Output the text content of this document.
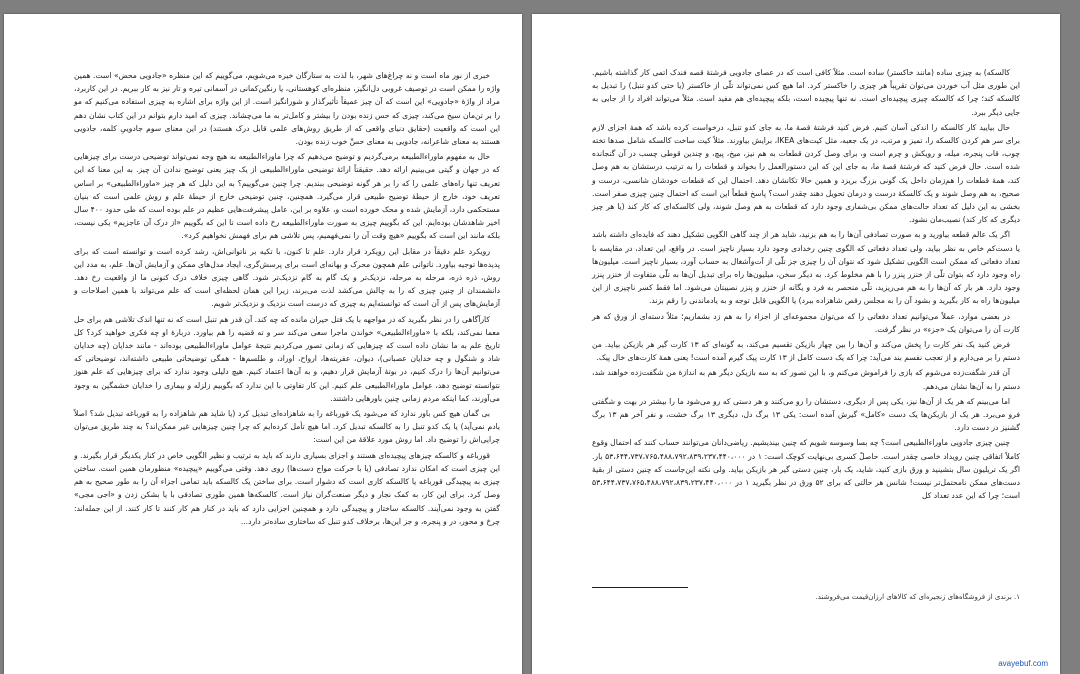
خبری از نور ماه است و نه چراغ‌های شهر، با لذت به ستارگان خیره می‌شویم، می‌گوییم که این منظره «جادویی محض» است. همین واژه را ممکن است در توصیف غروبی دل‌انگیز، منظره‌ای کوهستانی، یا رنگین‌کمانی در آسمانی تیره و تار نیز به کار ببریم. در این کاربرد، مراد از واژهٔ «جادویی» این است که آن چیز عمیقاً تأثیرگذار و شورانگیز است. از این واژه برای اشاره به چیزی استفاده می‌کنیم که مو را بر تن‌مان سیخ می‌کند، چیزی که حس زنده بودن را بیشتر و کامل‌تر به ما می‌چشاند. چیزی که امید دارم بتوانم در این کتاب نشان دهم این است که واقعیت (حقایق دنیای واقعی که از طریق روش‌های علمی قابل درک هستند) در این معنای سوم جادوییِ کلمه، جادویی هستند به معنای شاعرانه، جادویی به معنای حسِّ خوب زنده بودن.

حال به مفهوم ماوراءالطبیعه برمی‌گردیم و توضیح می‌دهیم که چرا ماوراءالطبیعه به هیچ وجه نمی‌تواند توضیحی درست برای چیزهایی که در جهان و گیتی می‌بینیم ارائه دهد. حقیقتاً ارائهٔ توضیحی ماوراءالطبیعی از یک چیز یعنی توضیح ندادن آن چیز. به این معنا که این تعریف تنها راه‌های علمی را که را بر هر گونه توضیحی ببندیم. چرا چنین می‌گوییم؟ به این دلیل که هر چیز «ماوراءالطبیعی» بر اساس تعریف خود، خارج از حیطهٔ توضیح طبیعی قرار می‌گیرد. همچنین، چنین توضیحی خارج از حیطهٔ علم و روش علمی است که بنیان مستحکمی دارد، آزمایش شده و محک خورده است و، علاوه بر این، عامل پیشرفت‌هایی عظیم در علم بوده است که طی حدود ۴۰۰ سال اخیر شاهدشان بوده‌ایم. این که بگوییم چیزی به صورت ماوراءالطبیعه رخ داده است تا این که بگوییم «از درک آن عاجزیم» یکی نیست، بلکه مانند این است که بگوییم «هیچ وقت آن را نمی‌فهمیم، پس تلاشی هم برای فهمش نخواهیم کرد».

رویکرد علم دقیقاً در مقابل این رویکرد قرار دارد. علم تا کنون، با تکیه بر ناتوانی‌اش، رشد کرده است و توانسته است که برای پدیده‌ها توجیه بیاورد. ناتوانی علم همچون محرک و بهانه‌ای است برای پرسش‌گری، ایجاد مدل‌های ممکن و آزمایش آن‌ها. علم، به مدد این روش، ذره ذره، مرحله به مرحله، نزدیک‌تر و یک گام به گام نزدیک‌تر شود. گاهی چیزی خلاف درک کنونی ما از واقعیت رخ دهد. دانشمندان از چنین چیزی که را به چالش می‌کشد لذت می‌برند، زیرا این همان لحظه‌ای است که علم می‌تواند با همین اصلاحات و آزمایش‌های پس از آن است که توانسته‌ایم به چیزی که درست است نزدیک و نزدیک‌تر شویم.

کارآگاهی را در نظر بگیرید که در مواجهه با یک قتل حیران مانده که چه کند. آن قدر هم تنبل است که نه تنها اندک تلاشی هم برای حل معما نمی‌کند، بلکه با «ماوراءالطبیعی» خواندن ماجرا سعی می‌کند سر و ته قضیه را هم بیاورد. دربارهٔ او چه فکری خواهید کرد؟ کل تاریخ علم به ما نشان داده است که چیزهایی که زمانی تصور می‌کردیم نتیجهٔ عوامل ماوراءالطبیعی بوده‌اند - مانند خدایان (چه خدایان شاد و شنگول و چه خدایان عصبانی)، دیوان، عفریته‌ها، ارواح، اوراد، و طلسم‌ها - همگی توضیحاتی طبیعی داشته‌اند، توضیحاتی که می‌توانیم آن‌ها را درک کنیم، در بوتهٔ آزمایش قرار دهیم، و به آن‌ها اعتماد کنیم. هیچ دلیلی وجود ندارد که برای چیزهایی که علم هنوز نتوانسته توضیح دهد، عوامل ماوراءالطبیعی علم کنیم. این کار تفاوتی با این ندارد که بگوییم زلزله و بیماری را خدایان خشمگین به وجود می‌آورند، کما اینکه مردم زمانی چنین باورهایی داشتند.

بی گمان هیچ کس باور ندارد که می‌شود یک قورباغه را به شاهزاده‌ای تبدیل کرد (یا شاید هم شاهزاده را به قورباغه تبدیل شد؟ اصلاً یادم نمی‌آید) یا یک کدو تنبل را به کالسکه تبدیل کرد. اما هیچ تأمل کرده‌ایم که چرا چنین چیزهایی غیر ممکن‌اند؟ به چند طریق می‌توان چرایی‌اش را توضیح داد. اما روش مورد علاقهٔ من این است:

قورباغه و کالسکه چیزهای پیچیده‌ای هستند و اجزای بسیاری دارند که باید به ترتیب و نظیر الگویی خاص در کنار یکدیگر قرار بگیرند. و این چیزی است که امکان ندارد تصادفی (یا با حرکت مواج دست‌ها) روی دهد. وقتی می‌گوییم «پیچیده» منظورمان همین است. ساختن چیزی به پیچیدگی قورباغه یا کالسکه کاری است که دشوار است. برای ساختن یک کالسکه باید تمامی اجزاء آن را به طور صحیح به هم وصل کرد. برای این کار، به کمک نجار و دیگر صنعت‌گران نیاز است. کالسکه‌ها همین طوری تصادفی با یا بشکن زدن و «اجی مجی» گفتن به وجود نمی‌آیند. کالسکه ساختار و پیچیدگی دارد و همچنین اجزایی دارد که باید در کنار هم کار کنند تا کار کنند. از این جمله‌اند: چرخ و محور، در و پنجره، و جز این‌ها، برخلاف کدو تنبل که ساختاری ساده‌تر دارد...

کالسکه) به چیزی ساده (مانند خاکستر) ساده است. مثلاً کافی است که در عصای جادویی فرشتهٔ قصه فندک اتمی کار گذاشته باشیم. این طوری مثل آب خوردن می‌توان تقریباً هر چیزی را خاکستر کرد. اما هیچ کس نمی‌تواند تلّی از خاکستر (یا حتی کدو تنبل) را تبدیل به کالسکه کند؛ چرا که کالسکه چیزی پیچیده‌ای است. نه تنها پیچیده است، بلکه پیچیده‌ای هم مفید است. مثلاً می‌تواند افراد را از جایی به جایی دیگر ببرد.

حال بیایید کار کالسکه را اندکی آسان کنیم. فرض کنید فرشتهٔ قصهٔ ما، به جای کدو تنبل، درخواست کرده باشد که همهٔ اجزای لازم برای سر هم کردن کالسکه را، تمیز و مرتب، در یک جعبه، مثل کیت‌های IKEA، برایش بیاورند. مثلاً کیت ساخت کالسکه شامل صدها تخته چوب، قاب پنجره، میله، و رویکش و چرم است و، برای وصل کردن قطعات به هم نیز، میخ، پیچ، و چندین قوطی چسب در آن گنجانده شده است. حال فرض کنید که فرشتهٔ قصهٔ ما، به جای این که این دستورالعمل را بخواند و قطعات را به ترتیب درستشان به هم وصل کند، همهٔ قطعات را هم‌زمان داخل یک گونی بزرگ بریزد و همین حالا تکانشان دهد. احتمال این که قطعات خودشان شانسی، درست و صحیح، به هم وصل شوند و یک کالسکهٔ درست و درمان تحویل دهند چقدر است؟ پاسخ قطعاً این است که احتمال چنین چیزی صفر است. بخشی به این دلیل که تعداد حالت‌های ممکن بی‌شماری وجود دارد که قطعات به هم وصل شوند، ولی کالسکه‌ای که کار کند (یا هر چیز دیگری که کار کند) نصیب‌مان نشود.

اگر یک عالم قطعه بیاورید و به صورت تصادفی آن‌ها را به هم بزنید، شاید هر از چند گاهی الگویی تشکیل دهند که فایده‌ای داشته باشد یا دست‌کم خاص به نظر بیاید، ولی تعداد دفعاتی که الگوی چنین رخدادی وجود دارد بسیار ناچیز است. در واقع، این تعداد، در مقایسه با تعداد دفعاتی که ممکن است الگویی تشکیل شود که نتوان آن را چیزی جز تلّی از آت‌وآشغال به حساب آورد، بسیار ناچیز است. میلیون‌ها راه وجود دارد که بتوان تلّی از خنزر پنزر را با هم مخلوط کرد. به دیگر سخن، میلیون‌ها راه برای تبدیل آن‌ها به تلّی متفاوت از خنزر پنزر وجود دارد. هر بار که آن‌ها را به هم می‌ریزید، تلّی منحصر به فرد و یگانه از خنزر و پنزر نصیبتان می‌شود. اما فقط کسر ناچیزی از این میلیون‌ها راه به کار بگیرید و بشود آن را به مجلس رقص شاهزاده ببرد) یا الگویی قابل توجه و به یادماندنی را رقم بزند.

در بعضی موارد، عملاً می‌توانیم تعداد دفعاتی را که می‌توان مجموعه‌ای از اجزاء را به هم زد بشماریم؛ مثلاً دسته‌ای از ورق که هر کارت آن را می‌توان یک «جزء» در نظر گرفت.

فرض کنید یک نفر کارت را پخش می‌کند و آن‌ها را بین چهار بازیکن تقسیم می‌کند، به گونه‌ای که ۱۳ کارت گیر هر بازیکن بیاید. من دستم را بر می‌دارم و از تعجب نفسم بند می‌آید: چرا که یک دست کامل از ۱۳ کارت پیک گیرم آمده است! یعنی همهٔ کارت‌های خال پیک.

آن قدر شگفت‌زده می‌شوم که بازی را فراموش می‌کنم و، با این تصور که به سه بازیکن دیگر هم به اندازهٔ من شگفت‌زده خواهند شد، دستم را به آن‌ها نشان می‌دهم.

اما می‌بینم که هر یک از آن‌ها نیز، یکی پس از دیگری، دستشان را رو می‌کنند و هر دستی که رو می‌شود ما را بیشتر در بهت و شگفتی فرو می‌برد. هر یک از بازیکن‌ها یک دست «کامل» گیرش آمده است: یکی ۱۳ برگ دل، دیگری ۱۳ برگ خشت، و نفر آخر هم ۱۳ برگ گشنیز در دست دارد.

چنین چیزی جادویی ماوراءالطبیعی است؟ چه بسا وسوسه شویم که چنین بیندیشیم. ریاضی‌دانان می‌توانند حساب کنند که احتمال وقوع کاملاً اتفاقی چنین رویداد خاصی چقدر است. حاصلْ کسری بی‌نهایت کوچک است: ۱ در ۵۳،۶۴۴،۷۳۷،۷۶۵،۴۸۸،۷۹۲،۸۳۹،۲۳۷،۴۴۰،۰۰۰ بار. اگر یک تریلیون سال بنشینید و ورق بازی کنید، شاید، یک بار، چنین دستی گیر هر بازیکن بیاید. ولی نکته این‌جاست که چنین دستی از بقیهٔ دست‌های ممکن نامحتمل‌تر نیست! شانس هر حالتی که برای ۵۲ ورق در نظر بگیرید ۱ در ۵۳،۶۴۴،۷۳۷،۷۶۵،۴۸۸،۷۹۲،۸۳۹،۲۳۷،۴۴۰،۰۰۰ است؛ چرا که این عدد تعداد کل

۱. برندی از فروشگاه‌های زنجیره‌ای که کالاهای ارزان‌قیمت می‌فروشند.
avayebuf.com
